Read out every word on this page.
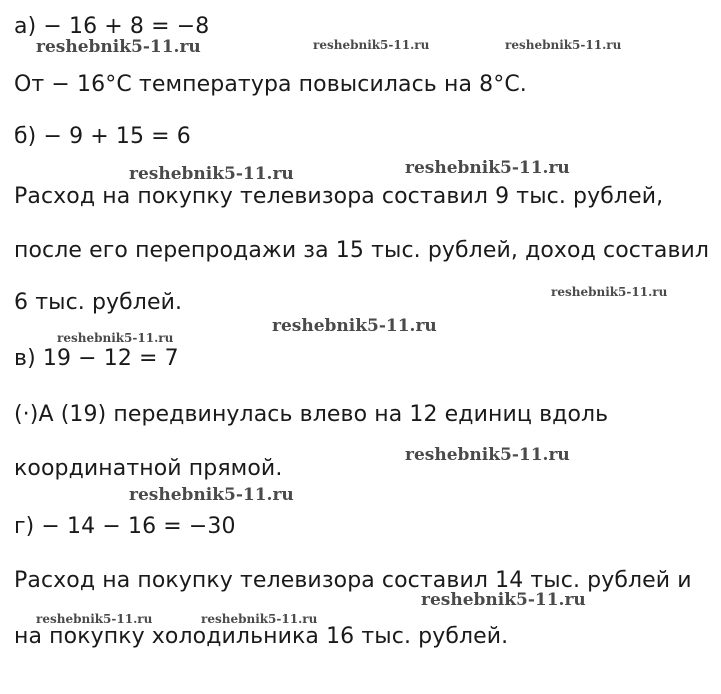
а) − 16 + 8 = −8
От − 16°С температура повысилась на 8°С.
б) − 9 + 15 = 6
Расход на покупку телевизора составил 9 тыс. рублей,
после его перепродажи за 15 тыс. рублей, доход составил
6 тыс. рублей.
в) 19 − 12 = 7
(·)А (19) передвинулась влево на 12 единиц вдоль
координатной прямой.
г) − 14 − 16 = −30
Расход на покупку телевизора составил 14 тыс. рублей и
на покупку холодильника 16 тыс. рублей.
reshebnik5-11.ru	reshebnik5-11.ru	reshebnik5-11.ru
reshebnik5-11.ru	reshebnik5-11.ru
reshebnik5-11.ru
reshebnik5-11.ru
reshebnik5-11.ru
reshebnik5-11.ru
reshebnik5-11.ru
reshebnik5-11.ru
reshebnik5-11.ru	reshebnik5-11.ru
